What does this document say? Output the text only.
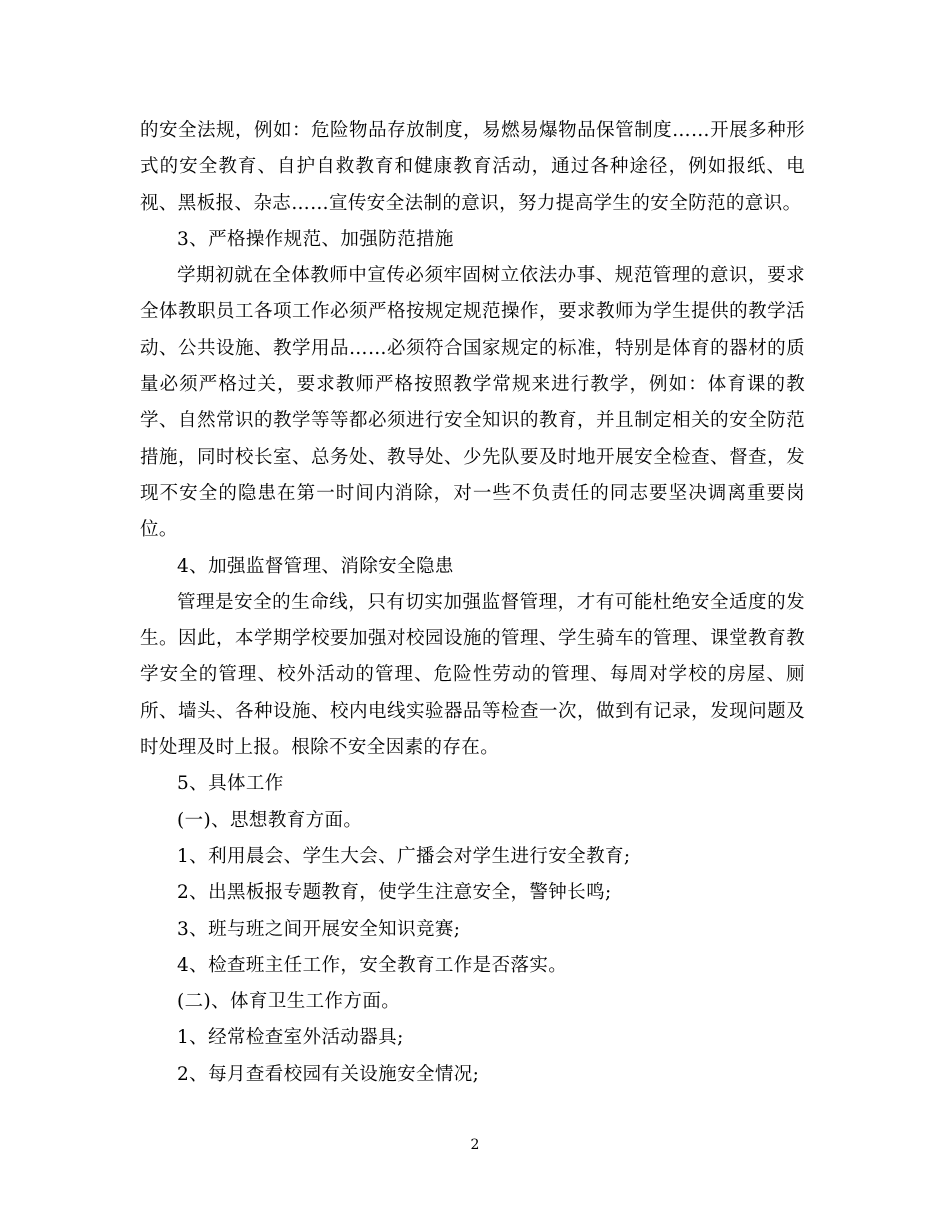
的安全法规，例如：危险物品存放制度，易燃易爆物品保管制度……开展多种形式的安全教育、自护自救教育和健康教育活动，通过各种途径，例如报纸、电视、黑板报、杂志……宣传安全法制的意识，努力提高学生的安全防范的意识。

3、严格操作规范、加强防范措施

学期初就在全体教师中宣传必须牢固树立依法办事、规范管理的意识，要求全体教职员工各项工作必须严格按规定规范操作，要求教师为学生提供的教学活动、公共设施、教学用品……必须符合国家规定的标准，特别是体育的器材的质量必须严格过关，要求教师严格按照教学常规来进行教学，例如：体育课的教学、自然常识的教学等等都必须进行安全知识的教育，并且制定相关的安全防范措施，同时校长室、总务处、教导处、少先队要及时地开展安全检查、督查，发现不安全的隐患在第一时间内消除，对一些不负责任的同志要坚决调离重要岗位。

4、加强监督管理、消除安全隐患

管理是安全的生命线，只有切实加强监督管理，才有可能杜绝安全适度的发生。因此，本学期学校要加强对校园设施的管理、学生骑车的管理、课堂教育教学安全的管理、校外活动的管理、危险性劳动的管理、每周对学校的房屋、厕所、墙头、各种设施、校内电线实验器品等检查一次，做到有记录，发现问题及时处理及时上报。根除不安全因素的存在。

5、具体工作

(一)、思想教育方面。

1、利用晨会、学生大会、广播会对学生进行安全教育;

2、出黑板报专题教育，使学生注意安全，警钟长鸣;

3、班与班之间开展安全知识竞赛;

4、检查班主任工作，安全教育工作是否落实。

(二)、体育卫生工作方面。

1、经常检查室外活动器具;

2、每月查看校园有关设施安全情况;

2
